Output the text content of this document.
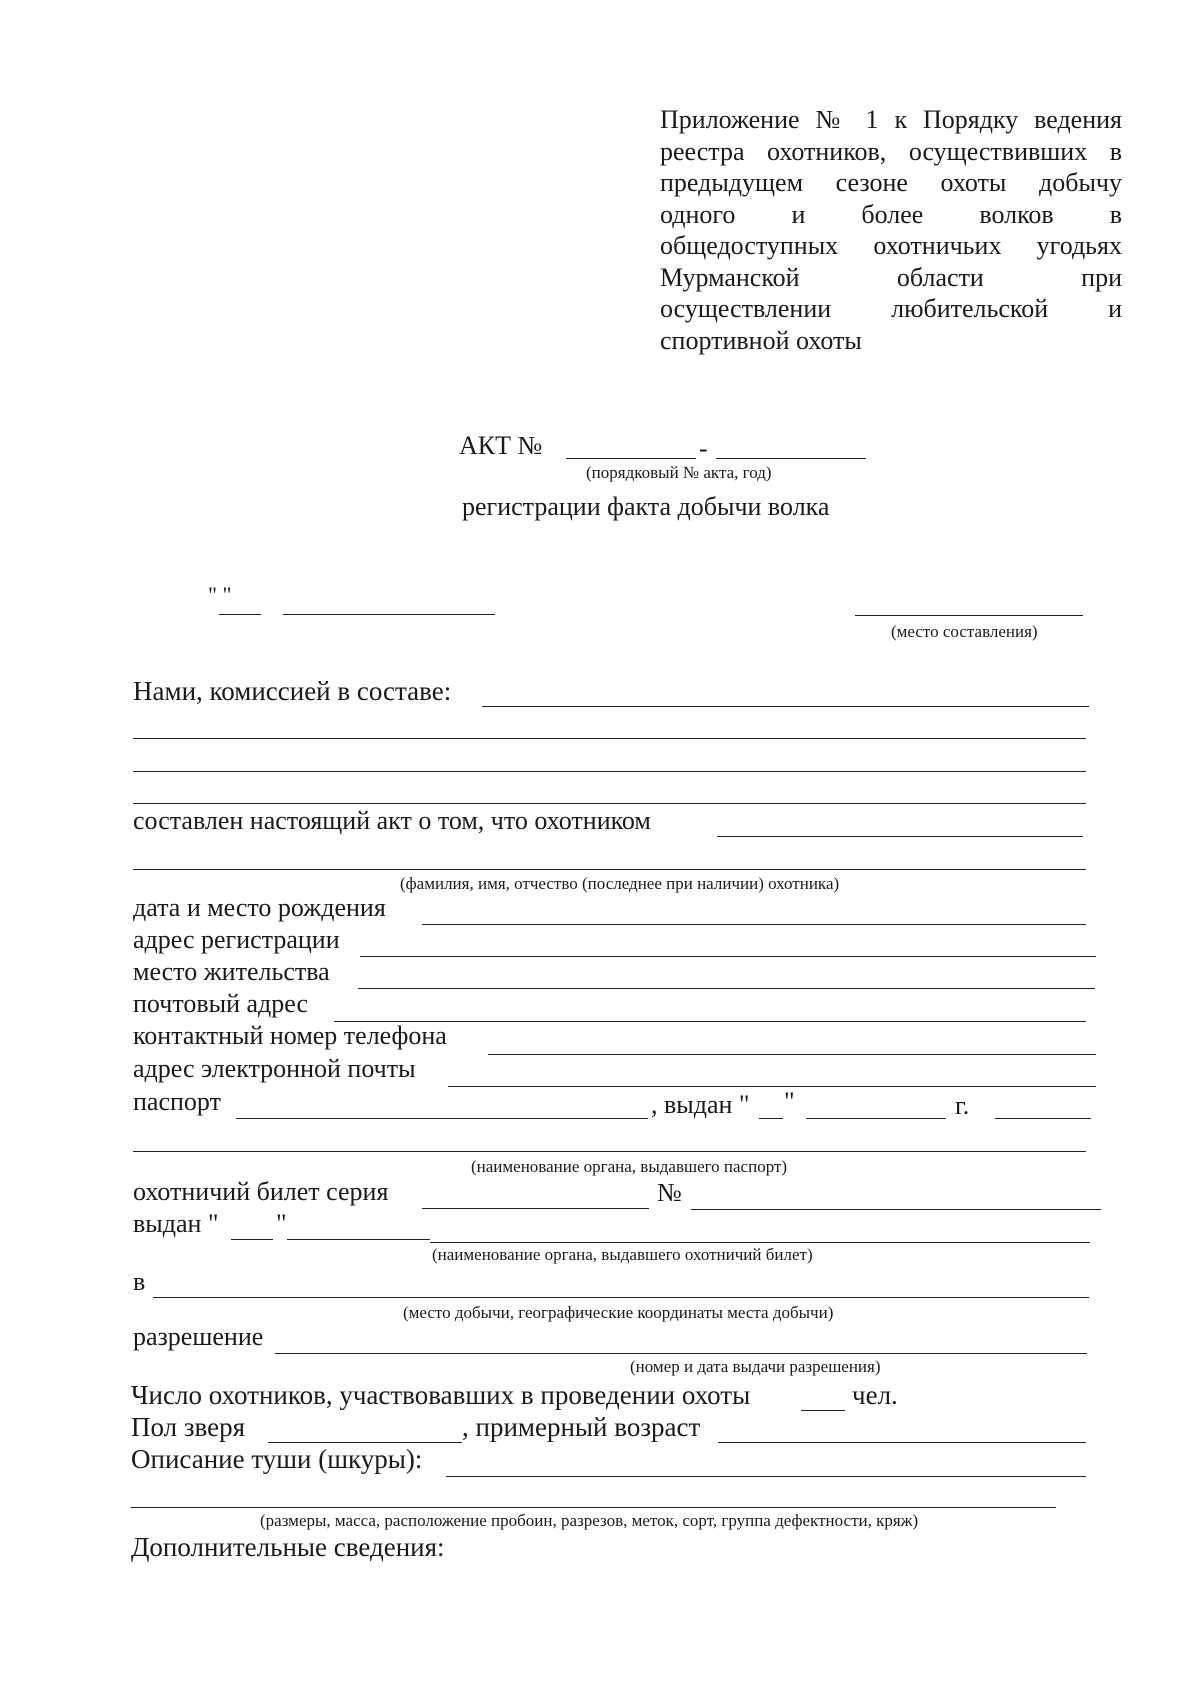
Приложение № 1 к Порядку ведения
реестра охотников, осуществивших в
предыдущем сезоне охоты добычу
одного и более волков в
общедоступных охотничьих угодьях
Мурманской области при
осуществлении любительской и
спортивной охоты
АКТ №	-
(порядковый № акта, год)
регистрации факта добычи волка
" "
(место составления)
Нами, комиссией в составе:
составлен настоящий акт о том, что охотником
(фамилия, имя, отчество (последнее при наличии) охотника)
дата и место рождения
адрес регистрации
место жительства
почтовый адрес
контактный номер телефона
адрес электронной почты
паспорт	, выдан " "	г.
(наименование органа, выдавшего паспорт)
охотничий билет серия	№
выдан " "
(наименование органа, выдавшего охотничий билет)
в
(место добычи, географические координаты места добычи)
разрешение
(номер и дата выдачи разрешения)
Число охотников, участвовавших в проведении охоты	чел.
Пол зверя	, примерный возраст
Описание туши (шкуры):
(размеры, масса, расположение пробоин, разрезов, меток, сорт, группа дефектности, кряж)
Дополнительные сведения:
